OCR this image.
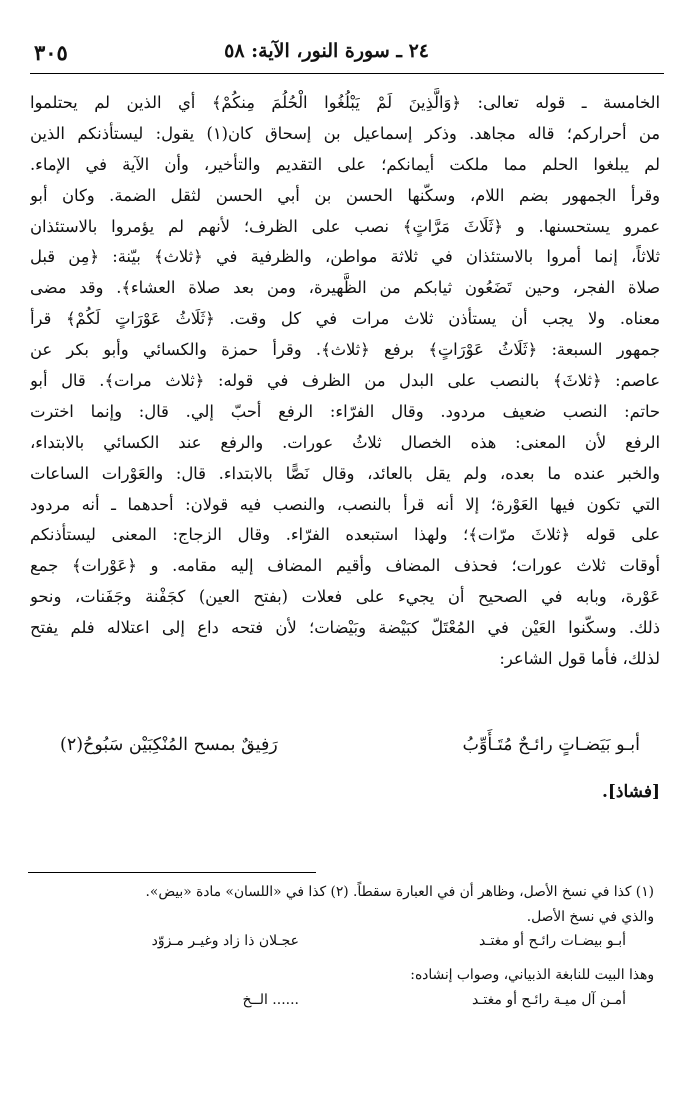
٢٤ ـ سورة النور، الآية: ٥٨
٣٠٥
الخامسة ـ قوله تعالى: ﴿وَالَّذِينَ لَمْ يَبْلُغُوا الْحُلُمَ مِنكُمْ﴾ أي الذين لم يحتلموا
من أحراركم؛ قاله مجاهد. وذكر إسماعيل بن إسحاق كان(١) يقول: ليستأذنكم الذين
لم يبلغوا الحلم مما ملكت أيمانكم؛ على التقديم والتأخير، وأن الآية في الإماء.
وقرأ الجمهور بضم اللام، وسكّنها الحسن بن أبي الحسن لثقل الضمة. وكان أبو
عمرو يستحسنها. و ﴿ثَلَاثَ مَرَّاتٍ﴾ نصب على الظرف؛ لأنهم لم يؤمروا بالاستئذان
ثلاثاً، إنما أمروا بالاستئذان في ثلاثة مواطن، والظرفية في ﴿ثلاث﴾ بيّنة: ﴿مِن قبل
صلاة الفجر، وحين تَضَعُون ثيابكم من الظَّهيرة، ومن بعد صلاة العشاء﴾. وقد مضى
معناه. ولا يجب أن يستأذن ثلاث مرات في كل وقت. ﴿ثَلَاثُ عَوْرَاتٍ لَكُمْ﴾ قرأ
جمهور السبعة: ﴿ثَلَاثُ عَوْرَاتٍ﴾ برفع ﴿ثلاث﴾. وقرأ حمزة والكسائي وأبو بكر عن
عاصم: ﴿ثلاثَ﴾ بالنصب على البدل من الظرف في قوله: ﴿ثلاث مرات﴾. قال أبو
حاتم: النصب ضعيف مردود. وقال الفرّاء: الرفع أحبّ إلي. قال: وإنما اخترت
الرفع لأن المعنى: هذه الخصال ثلاثُ عورات. والرفع عند الكسائي بالابتداء،
والخبر عنده ما بعده، ولم يقل بالعائد، وقال نَصًّا بالابتداء. قال: والعَوْرات الساعات
التي تكون فيها العَوْرة؛ إلا أنه قرأ بالنصب، والنصب فيه قولان: أحدهما ـ أنه مردود
على قوله ﴿ثلاثَ مرّات﴾؛ ولهذا استبعده الفرّاء. وقال الزجاج: المعنى ليستأذنكم
أوقات ثلاث عورات؛ فحذف المضاف وأقيم المضاف إليه مقامه. و ﴿عَوْرات﴾ جمع
عَوْرة، وبابه في الصحيح أن يجيء على فعلات (بفتح العين) كجَفْنة وجَفَنات، ونحو
ذلك. وسكّنوا العَيْن في المُعْتَلّ كبَيْضة وبَيْضات؛ لأن فتحه داع إلى اعتلاله فلم يفتح
لذلك، فأما قول الشاعر:
أبـو بَيَضـاتٍ رائـحٌ مُتَـأَوِّبُ
رَفِيقٌ بمسح المُنْكِبَيْن سَبُوحُ(٢)
[فشاذ].
(١) كذا في نسخ الأصل، وظاهر أن في العبارة سقطاً. (٢) كذا في «اللسان» مادة «بيض».
والذي في نسخ الأصل.
أبـو بيضـات رائـح أو مغتـد
عجـلان ذا زاد وغيـر مـزوّد
وهذا البيت للنابغة الذبياني، وصواب إنشاده:
أمـن آل ميـة رائـح أو مغتـد
...... الــخ
